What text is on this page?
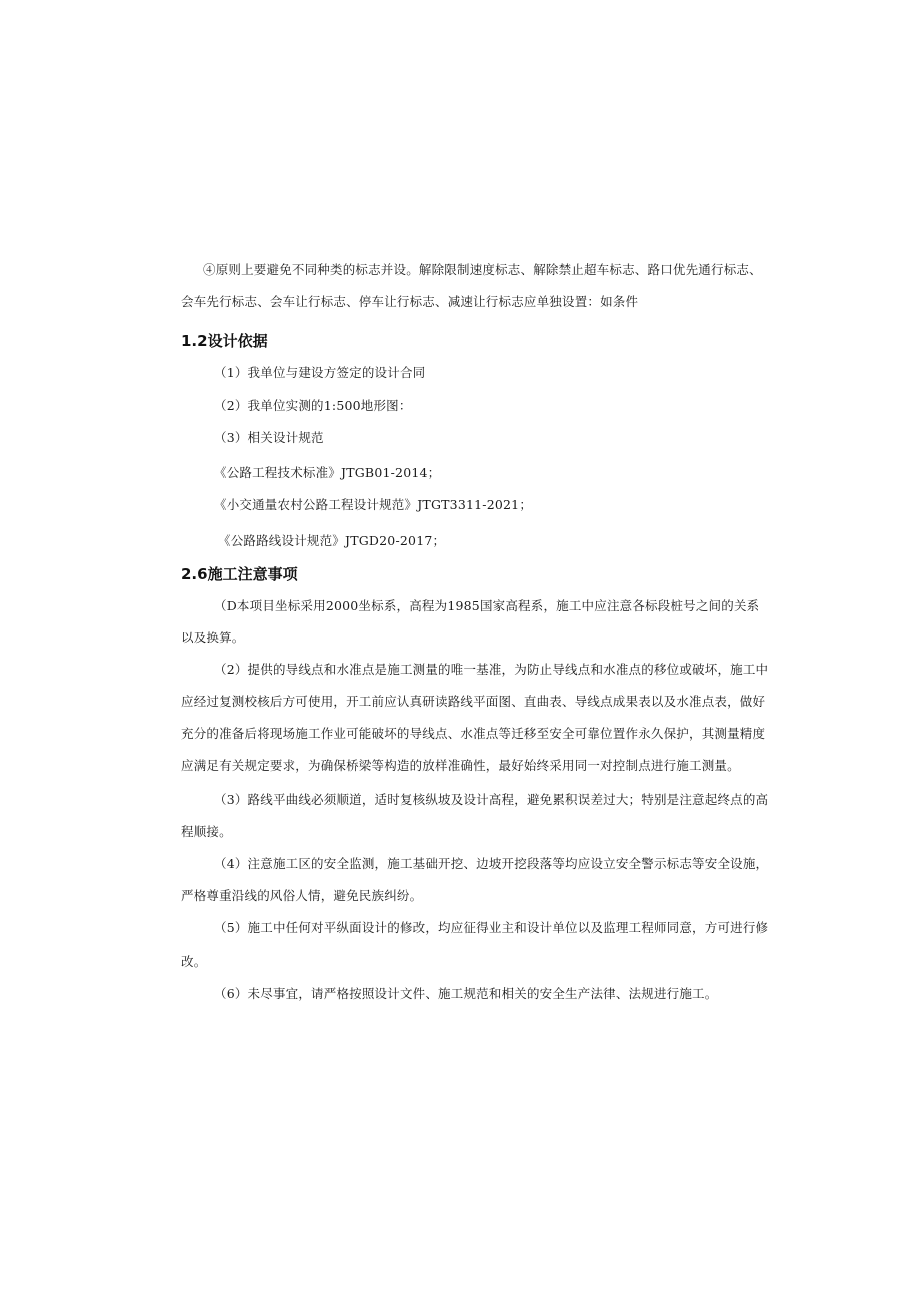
④原则上要避免不同种类的标志并设。解除限制速度标志、解除禁止超车标志、路口优先通行标志、
会车先行标志、会车让行标志、停车让行标志、减速让行标志应单独设置：如条件
1.2设计依据
（1）我单位与建设方签定的设计合同
（2）我单位实测的1:500地形图：
（3）相关设计规范
《公路工程技术标准》JTGB01-2014；
《小交通量农村公路工程设计规范》JTGT3311-2021；
《公路路线设计规范》JTGD20-2017；
2.6施工注意事项
（D本项目坐标采用2000坐标系，高程为1985国家高程系，施工中应注意各标段桩号之间的关系
以及换算。
（2）提供的导线点和水准点是施工测量的唯一基准，为防止导线点和水准点的移位或破坏，施工中
应经过复测校核后方可使用，开工前应认真研读路线平面图、直曲表、导线点成果表以及水准点表，做好
充分的准备后将现场施工作业可能破坏的导线点、水准点等迁移至安全可靠位置作永久保护，其测量精度
应满足有关规定要求，为确保桥梁等构造的放样准确性，最好始终采用同一对控制点进行施工测量。
（3）路线平曲线必须顺道，适时复核纵坡及设计高程，避免累积误差过大；特别是注意起终点的高
程顺接。
（4）注意施工区的安全监测，施工基础开挖、边坡开挖段落等均应设立安全警示标志等安全设施，
严格尊重沿线的风俗人情，避免民族纠纷。
（5）施工中任何对平纵面设计的修改，均应征得业主和设计单位以及监理工程师同意，方可进行修
改。
（6）未尽事宜，请严格按照设计文件、施工规范和相关的安全生产法律、法规进行施工。
